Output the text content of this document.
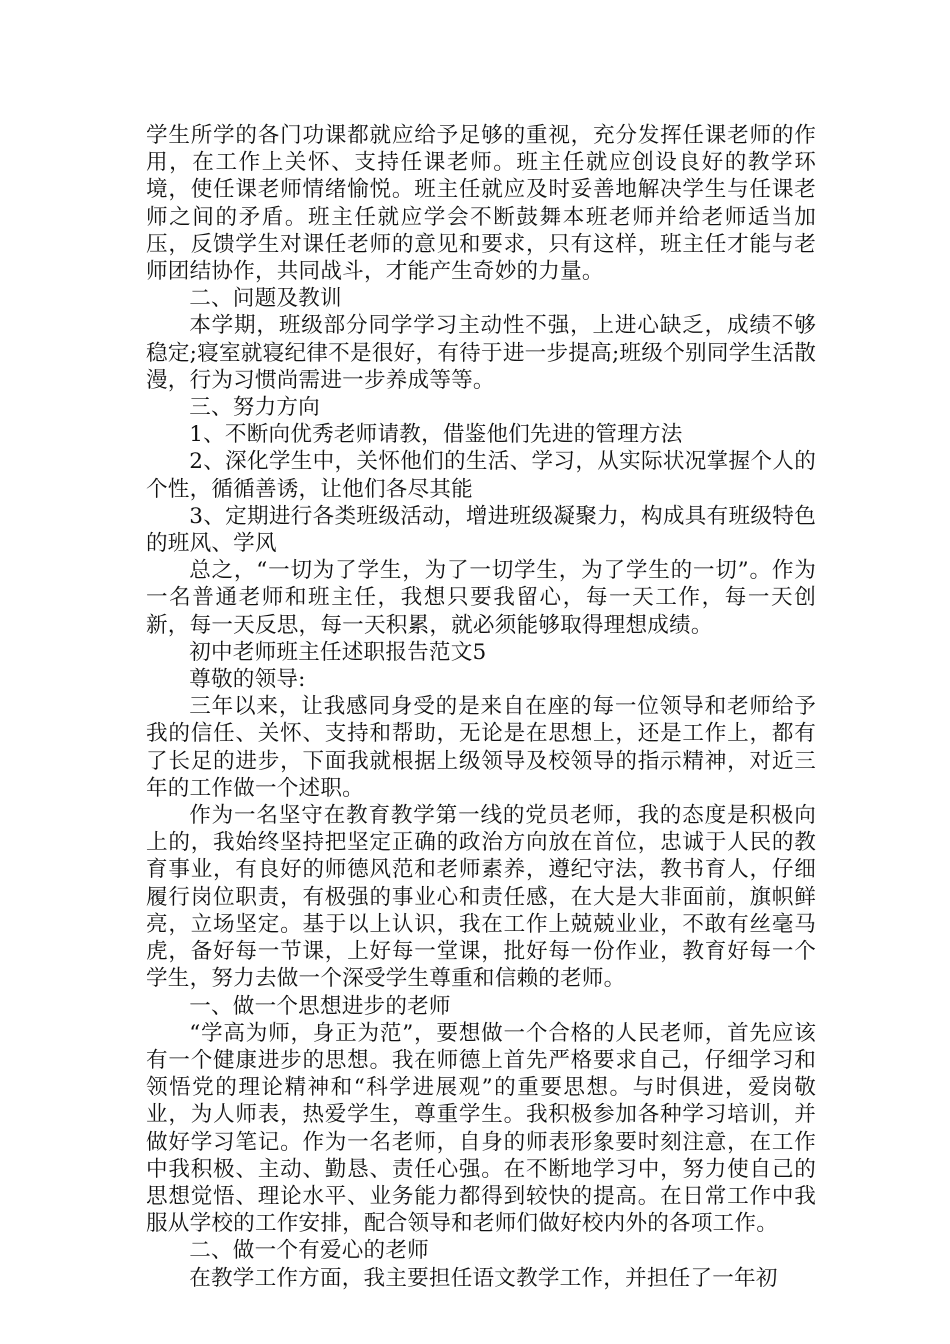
学生所学的各门功课都就应给予足够的重视，充分发挥任课老师的作用，在工作上关怀、支持任课老师。班主任就应创设良好的教学环境，使任课老师情绪愉悦。班主任就应及时妥善地解决学生与任课老师之间的矛盾。班主任就应学会不断鼓舞本班老师并给老师适当加压，反馈学生对课任老师的意见和要求，只有这样，班主任才能与老师团结协作，共同战斗，才能产生奇妙的力量。

二、问题及教训

本学期，班级部分同学学习主动性不强，上进心缺乏，成绩不够稳定;寝室就寝纪律不是很好，有待于进一步提高;班级个别同学生活散漫，行为习惯尚需进一步养成等等。

三、努力方向

1、不断向优秀老师请教，借鉴他们先进的管理方法

2、深化学生中，关怀他们的生活、学习，从实际状况掌握个人的个性，循循善诱，让他们各尽其能

3、定期进行各类班级活动，增进班级凝聚力，构成具有班级特色的班风、学风

总之，“一切为了学生，为了一切学生，为了学生的一切”。作为一名普通老师和班主任，我想只要我留心，每一天工作，每一天创新，每一天反思，每一天积累，就必须能够取得理想成绩。

初中老师班主任述职报告范文5

尊敬的领导:

三年以来，让我感同身受的是来自在座的每一位领导和老师给予我的信任、关怀、支持和帮助，无论是在思想上，还是工作上，都有了长足的进步，下面我就根据上级领导及校领导的指示精神，对近三年的工作做一个述职。

作为一名坚守在教育教学第一线的党员老师，我的态度是积极向上的，我始终坚持把坚定正确的政治方向放在首位，忠诚于人民的教育事业，有良好的师德风范和老师素养，遵纪守法，教书育人，仔细履行岗位职责，有极强的事业心和责任感，在大是大非面前，旗帜鲜亮，立场坚定。基于以上认识，我在工作上兢兢业业，不敢有丝毫马虎，备好每一节课，上好每一堂课，批好每一份作业，教育好每一个学生，努力去做一个深受学生尊重和信赖的老师。

一、做一个思想进步的老师

“学高为师，身正为范”，要想做一个合格的人民老师，首先应该有一个健康进步的思想。我在师德上首先严格要求自己，仔细学习和领悟党的理论精神和“科学进展观”的重要思想。与时俱进，爱岗敬业，为人师表，热爱学生，尊重学生。我积极参加各种学习培训，并做好学习笔记。作为一名老师，自身的师表形象要时刻注意，在工作中我积极、主动、勤恳、责任心强。在不断地学习中，努力使自己的思想觉悟、理论水平、业务能力都得到较快的提高。在日常工作中我服从学校的工作安排，配合领导和老师们做好校内外的各项工作。

二、做一个有爱心的老师

在教学工作方面，我主要担任语文教学工作，并担任了一年初
